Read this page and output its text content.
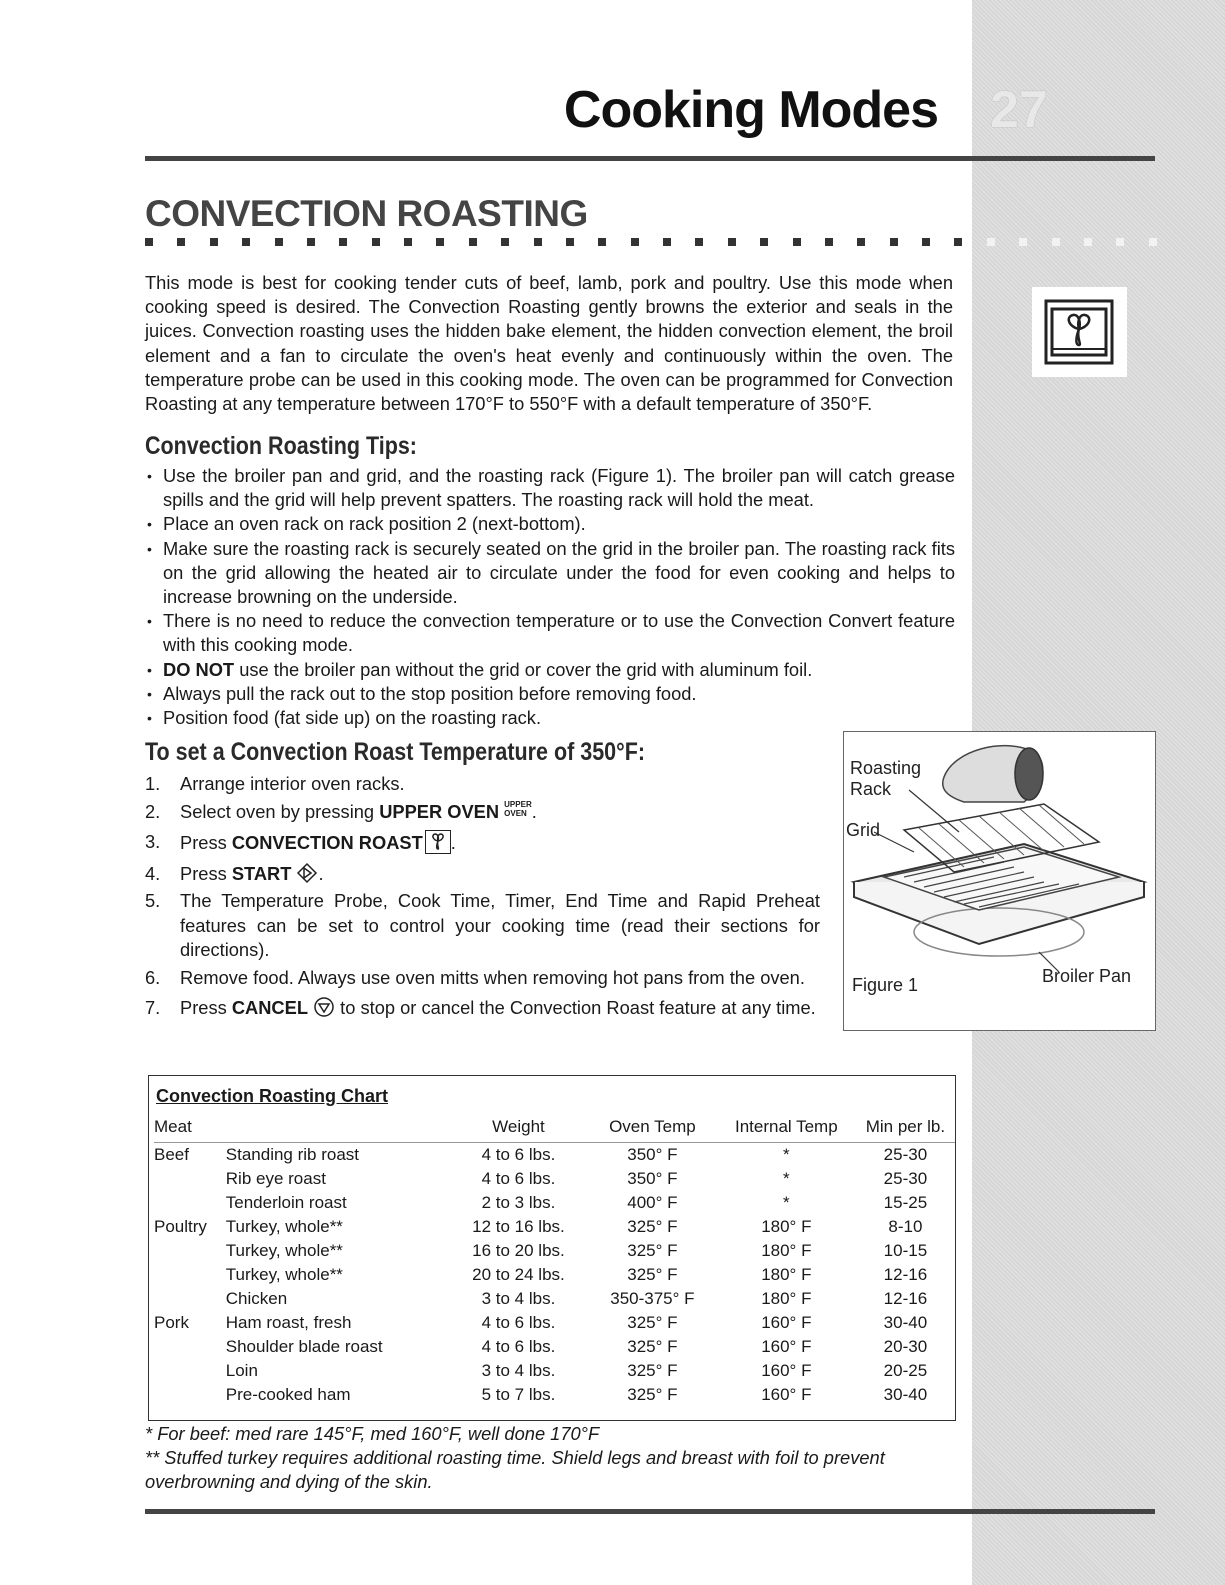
Cooking Modes 27
CONVECTION ROASTING
This mode is best for cooking tender cuts of beef, lamb, pork and poultry. Use this mode when cooking speed is desired. The Convection Roasting gently browns the exterior and seals in the juices. Convection roasting uses the hidden bake element, the hidden convection element, the broil element and a fan to circulate the oven's heat evenly and continuously within the oven. The temperature probe can be used in this cooking mode. The oven can be programmed for Convection Roasting at any temperature between 170°F to 550°F with a default temperature of 350°F.
Convection Roasting Tips:
• Use the broiler pan and grid, and the roasting rack (Figure 1). The broiler pan will catch grease spills and the grid will help prevent spatters. The roasting rack will hold the meat.
• Place an oven rack on rack position 2 (next-bottom).
• Make sure the roasting rack is securely seated on the grid in the broiler pan. The roasting rack fits on the grid allowing the heated air to circulate under the food for even cooking and helps to increase browning on the underside.
• There is no need to reduce the convection temperature or to use the Convection Convert feature with this cooking mode.
• DO NOT use the broiler pan without the grid or cover the grid with aluminum foil.
• Always pull the rack out to the stop position before removing food.
• Position food (fat side up) on the roasting rack.
To set a Convection Roast Temperature of 350°F:
1. Arrange interior oven racks.
2. Select oven by pressing UPPER OVEN UPPER
OVEN .
3. Press CONVECTION ROAST .
4. Press START .
5. The Temperature Probe, Cook Time, Timer, End Time and Rapid Preheat features can be set to control your cooking time (read their sections for directions).
6. Remove food. Always use oven mitts when removing hot pans from the oven.
7. Press CANCEL  to stop or cancel the Convection Roast feature at any time.
Roasting
Rack
Grid
Broiler Pan
Figure 1
Convection Roasting Chart
Meat		Weight	Oven Temp	Internal Temp	Min per lb.
Beef	Standing rib roast	4 to 6 lbs.	350° F	*	25-30
	Rib eye roast	4 to 6 lbs.	350° F	*	25-30
	Tenderloin roast	2 to 3 lbs.	400° F	*	15-25
Poultry	Turkey, whole**	12 to 16 lbs.	325° F	180° F	8-10
	Turkey, whole**	16 to 20 lbs.	325° F	180° F	10-15
	Turkey, whole**	20 to 24 lbs.	325° F	180° F	12-16
	Chicken	3 to 4 lbs.	350-375° F	180° F	12-16
Pork	Ham roast, fresh	4 to 6 lbs.	325° F	160° F	30-40
	Shoulder blade roast	4 to 6 lbs.	325° F	160° F	20-30
	Loin	3 to 4 lbs.	325° F	160° F	20-25
	Pre-cooked ham	5 to 7 lbs.	325° F	160° F	30-40
* For beef: med rare 145°F, med 160°F, well done 170°F
** Stuffed turkey requires additional roasting time. Shield legs and breast with foil to prevent overbrowning and dying of the skin.
